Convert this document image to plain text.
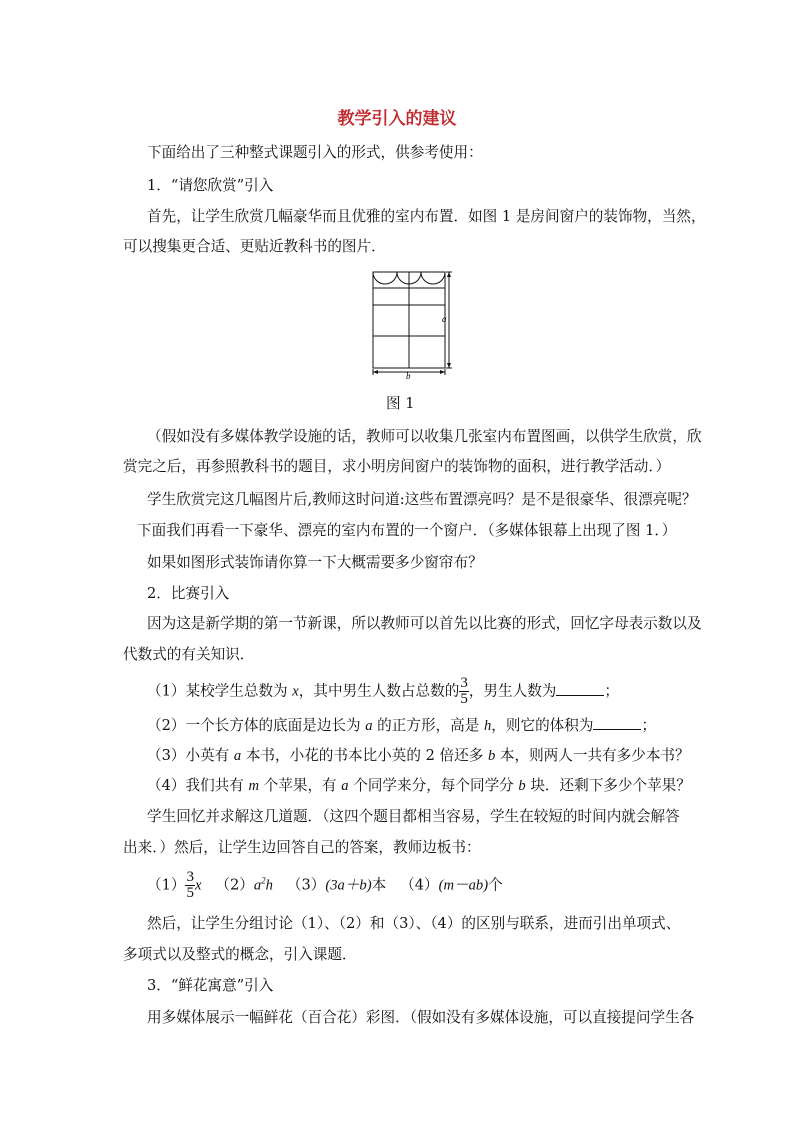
教学引入的建议
下面给出了三种整式课题引入的形式，供参考使用：
1．“请您欣赏”引入
首先，让学生欣赏几幅豪华而且优雅的室内布置．如图 1 是房间窗户的装饰物，当然，
可以搜集更合适、更贴近教科书的图片．
a
b
图 1
（假如没有多媒体教学设施的话，教师可以收集几张室内布置图画，以供学生欣赏，欣
赏完之后，再参照教科书的题目，求小明房间窗户的装饰物的面积，进行教学活动．）
学生欣赏完这几幅图片后,教师这时问道:这些布置漂亮吗？是不是很豪华、很漂亮呢？
下面我们再看一下豪华、漂亮的室内布置的一个窗户．（多媒体银幕上出现了图 1．）
如果如图形式装饰请你算一下大概需要多少窗帘布？
2．比赛引入
因为这是新学期的第一节新课，所以教师可以首先以比赛的形式，回忆字母表示数以及
代数式的有关知识．
（1）某校学生总数为 x，其中男生人数占总数的 $\frac{3}{5}$ ，男生人数为	；
（2）一个长方体的底面是边长为 a 的正方形，高是 h，则它的体积为	；
（3）小英有 a 本书，小花的书本比小英的 2 倍还多 b 本，则两人一共有多少本书？
（4）我们共有 m 个苹果，有 a 个同学来分，每个同学分 b 块．还剩下多少个苹果？
学生回忆并求解这几道题．（这四个题目都相当容易，学生在较短的时间内就会解答
出来．）然后，让学生边回答自己的答案，教师边板书：
$(1) \frac{3}{5}$ x $(2)a^2h$ （3）(3a＋b)本 （4）(m－ab)个
然后，让学生分组讨论（1）、（2）和（3）、（4）的区别与联系，进而引出单项式、
多项式以及整式的概念，引入课题．
3．“鲜花寓意”引入
用多媒体展示一幅鲜花（百合花）彩图．（假如没有多媒体设施，可以直接提问学生各
